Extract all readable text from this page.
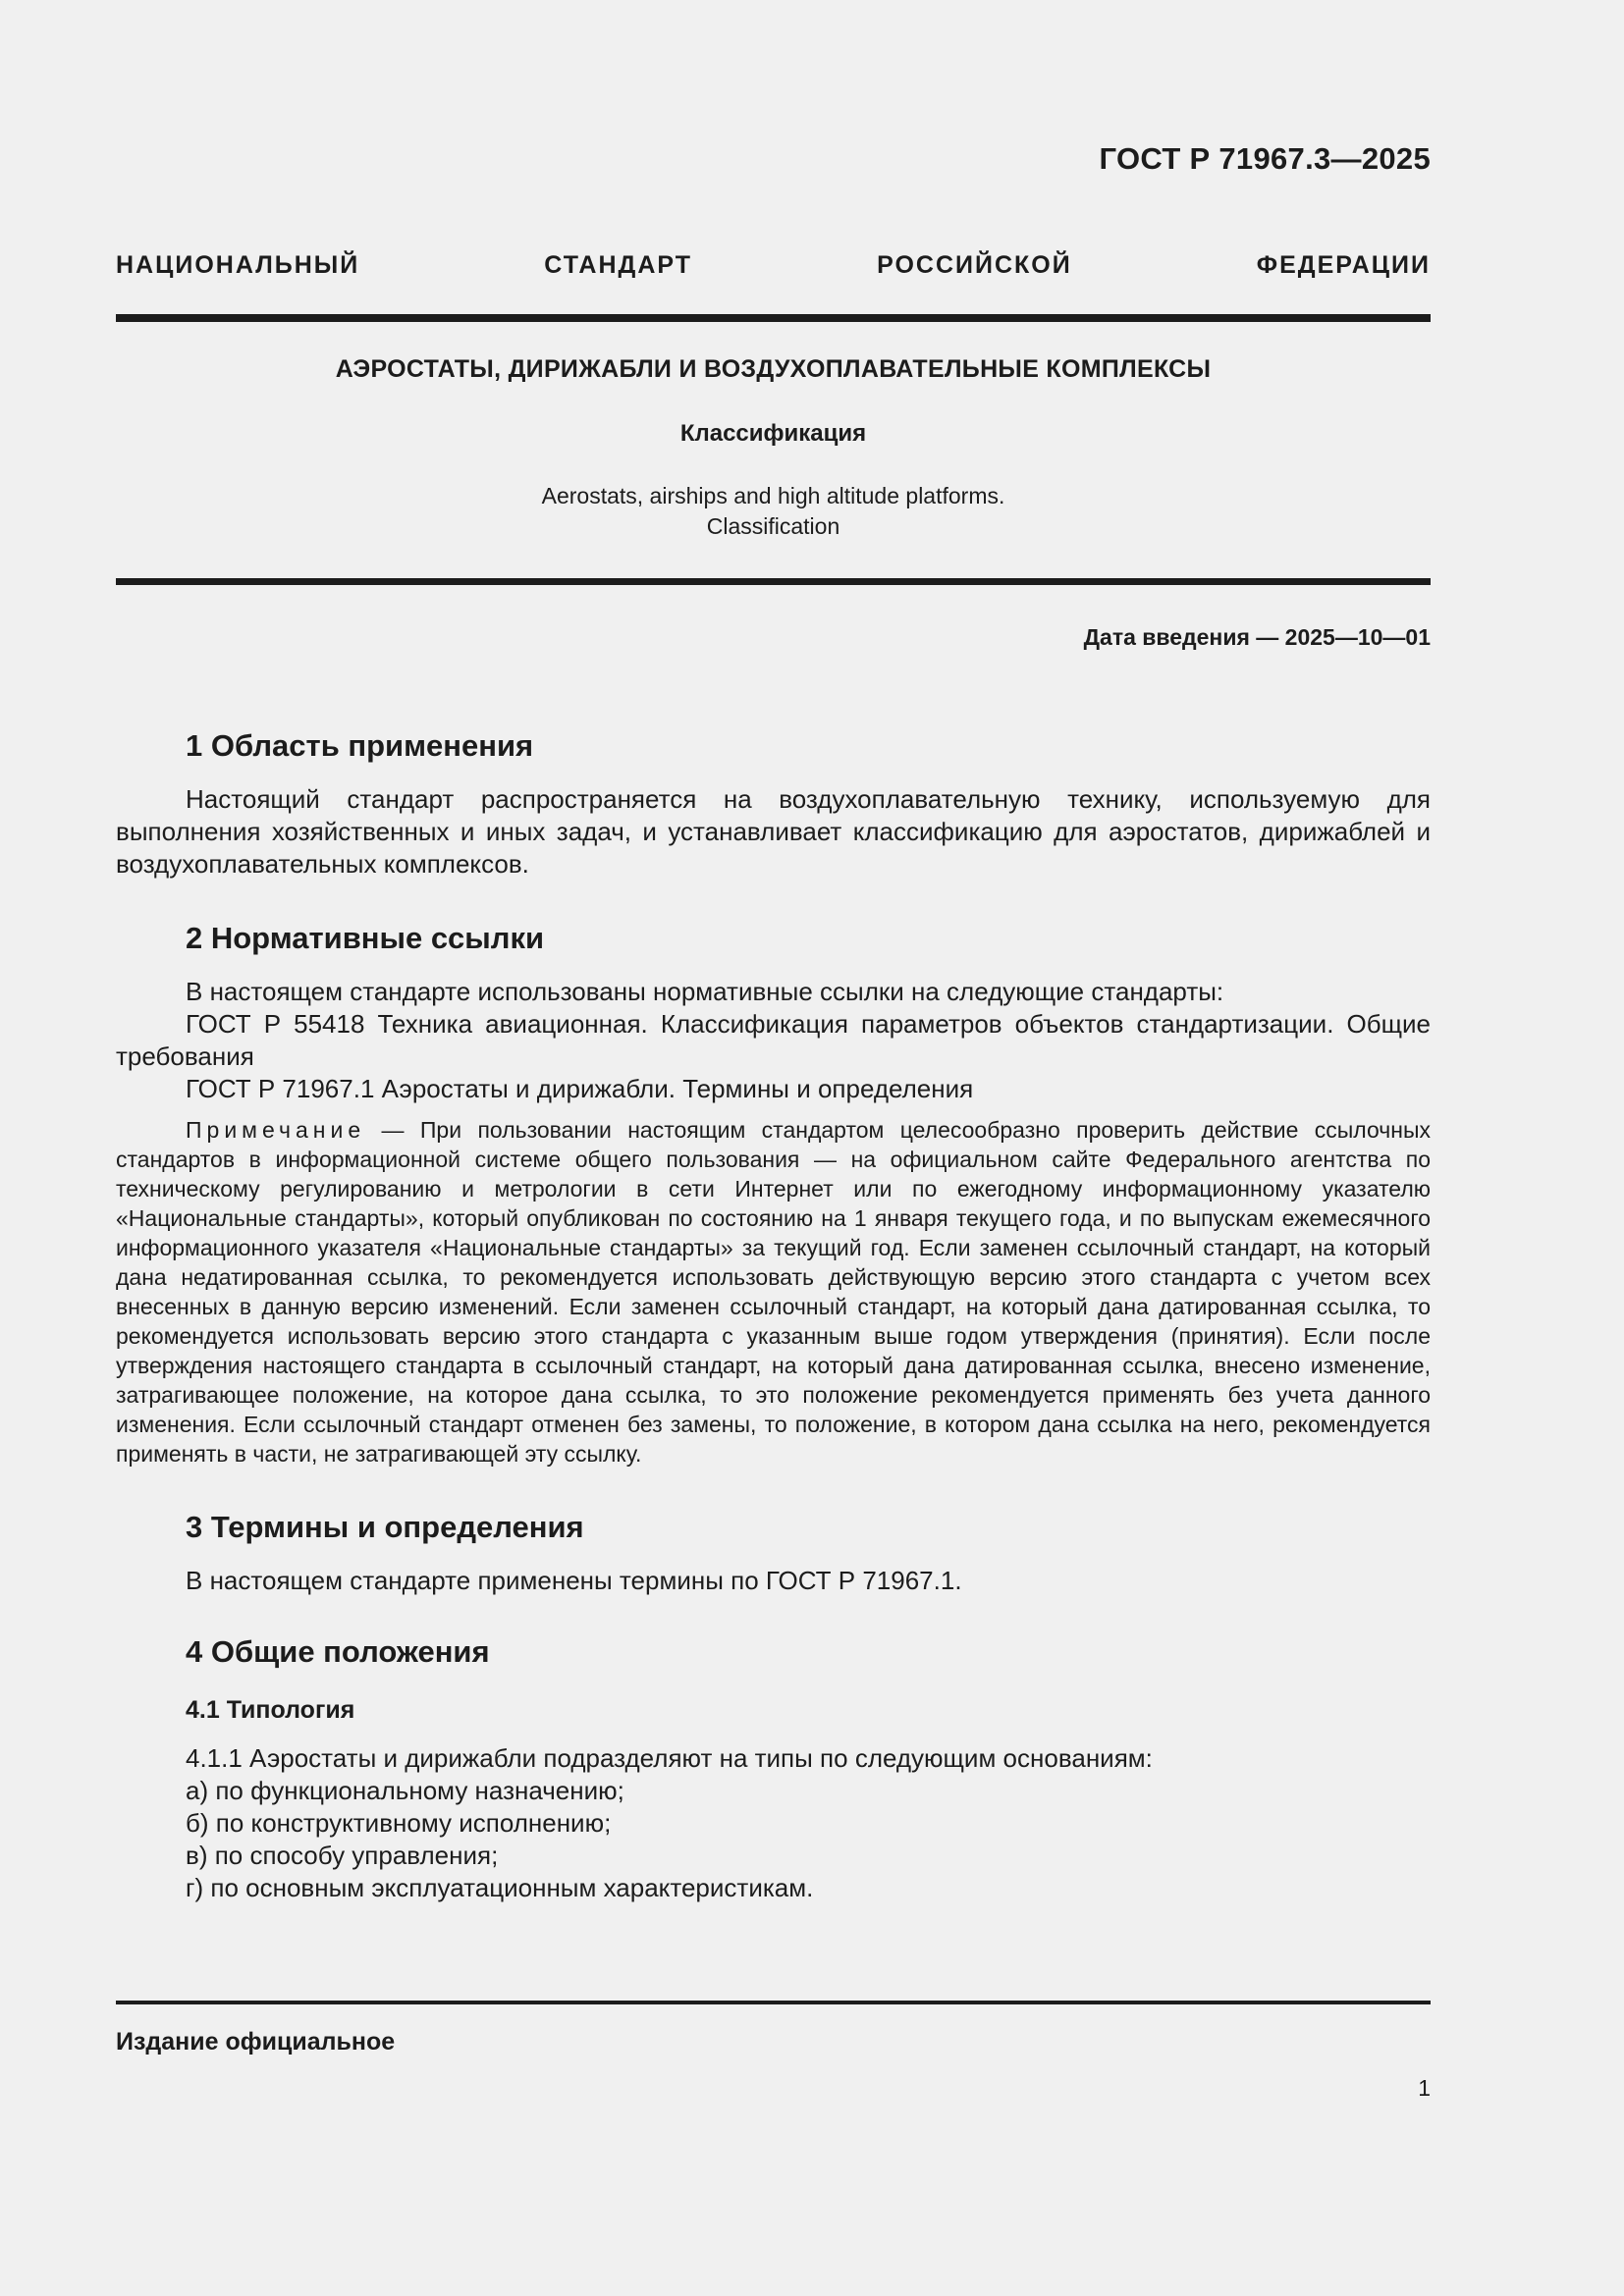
ГОСТ Р 71967.3—2025
НАЦИОНАЛЬНЫЙ СТАНДАРТ РОССИЙСКОЙ ФЕДЕРАЦИИ
АЭРОСТАТЫ, ДИРИЖАБЛИ И ВОЗДУХОПЛАВАТЕЛЬНЫЕ КОМПЛЕКСЫ
Классификация
Aerostats, airships and high altitude platforms.
Classification
Дата введения — 2025—10—01
1 Область применения

Настоящий стандарт распространяется на воздухоплавательную технику, используемую для выполнения хозяйственных и иных задач, и устанавливает классификацию для аэростатов, дирижаблей и воздухоплавательных комплексов.

2 Нормативные ссылки

В настоящем стандарте использованы нормативные ссылки на следующие стандарты:

ГОСТ Р 55418 Техника авиационная. Классификация параметров объектов стандартизации. Общие требования

ГОСТ Р 71967.1 Аэростаты и дирижабли. Термины и определения

Примечание — При пользовании настоящим стандартом целесообразно проверить действие ссылочных стандартов в информационной системе общего пользования — на официальном сайте Федерального агентства по техническому регулированию и метрологии в сети Интернет или по ежегодному информационному указателю «Национальные стандарты», который опубликован по состоянию на 1 января текущего года, и по выпускам ежемесячного информационного указателя «Национальные стандарты» за текущий год. Если заменен ссылочный стандарт, на который дана недатированная ссылка, то рекомендуется использовать действующую версию этого стандарта с учетом всех внесенных в данную версию изменений. Если заменен ссылочный стандарт, на который дана датированная ссылка, то рекомендуется использовать версию этого стандарта с указанным выше годом утверждения (принятия). Если после утверждения настоящего стандарта в ссылочный стандарт, на который дана датированная ссылка, внесено изменение, затрагивающее положение, на которое дана ссылка, то это положение рекомендуется применять без учета данного изменения. Если ссылочный стандарт отменен без замены, то положение, в котором дана ссылка на него, рекомендуется применять в части, не затрагивающей эту ссылку.

3 Термины и определения

В настоящем стандарте применены термины по ГОСТ Р 71967.1.

4 Общие положения
4.1 Типология

4.1.1 Аэростаты и дирижабли подразделяют на типы по следующим основаниям:

а) по функциональному назначению;

б) по конструктивному исполнению;

в) по способу управления;

г) по основным эксплуатационным характеристикам.

Издание официальное
1
